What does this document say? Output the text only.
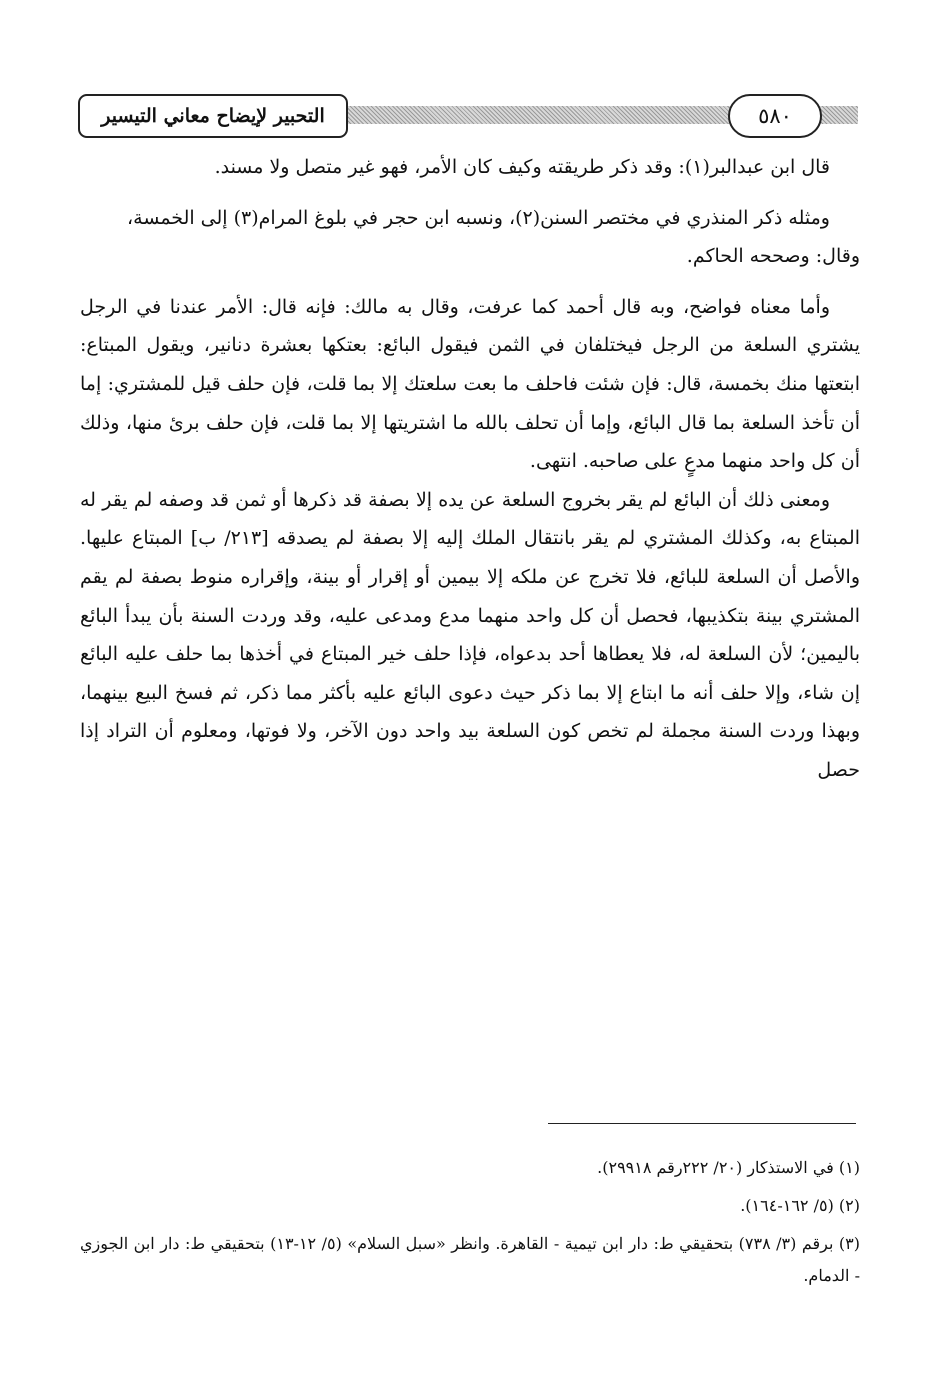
التحبير لإيضاح معاني التيسير	٥٨٠

قال ابن عبدالبر(١): وقد ذكر طريقته وكيف كان الأمر، فهو غير متصل ولا مسند.

ومثله ذكر المنذري في مختصر السنن(٢)، ونسبه ابن حجر في بلوغ المرام(٣) إلى الخمسة،

وقال: وصححه الحاكم.

وأما معناه فواضح، وبه قال أحمد كما عرفت، وقال به مالك: فإنه قال: الأمر عندنا في الرجل يشتري السلعة من الرجل فيختلفان في الثمن فيقول البائع: بعتكها بعشرة دنانير، ويقول المبتاع: ابتعتها منك بخمسة، قال: فإن شئت فاحلف ما بعت سلعتك إلا بما قلت، فإن حلف قيل للمشتري: إما أن تأخذ السلعة بما قال البائع، وإما أن تحلف بالله ما اشتريتها إلا بما قلت، فإن حلف برئ منها، وذلك أن كل واحد منهما مدعٍ على صاحبه. انتهى.

ومعنى ذلك أن البائع لم يقر بخروج السلعة عن يده إلا بصفة قد ذكرها أو ثمن قد وصفه لم يقر له المبتاع به، وكذلك المشتري لم يقر بانتقال الملك إليه إلا بصفة لم يصدقه [٢١٣/ ب] المبتاع عليها. والأصل أن السلعة للبائع، فلا تخرج عن ملكه إلا بيمين أو إقرار أو بينة، وإقراره منوط بصفة لم يقم المشتري بينة بتكذيبها، فحصل أن كل واحد منهما مدع ومدعى عليه، وقد وردت السنة بأن يبدأ البائع باليمين؛ لأن السلعة له، فلا يعطاها أحد بدعواه، فإذا حلف خير المبتاع في أخذها بما حلف عليه البائع إن شاء، وإلا حلف أنه ما ابتاع إلا بما ذكر حيث دعوى البائع عليه بأكثر مما ذكر، ثم فسخ البيع بينهما، وبهذا وردت السنة مجملة لم تخص كون السلعة بيد واحد دون الآخر، ولا فوتها، ومعلوم أن التراد إذا حصل

(١) في الاستذكار (٢٠/ ٢٢٢رقم ٢٩٩١٨).

(٢) (٥/ ١٦٢-١٦٤).

(٣) برقم (٣/ ٧٣٨) بتحقيقي ط: دار ابن تيمية - القاهرة. وانظر «سبل السلام» (٥/ ١٢-١٣) بتحقيقي ط: دار ابن الجوزي - الدمام.
